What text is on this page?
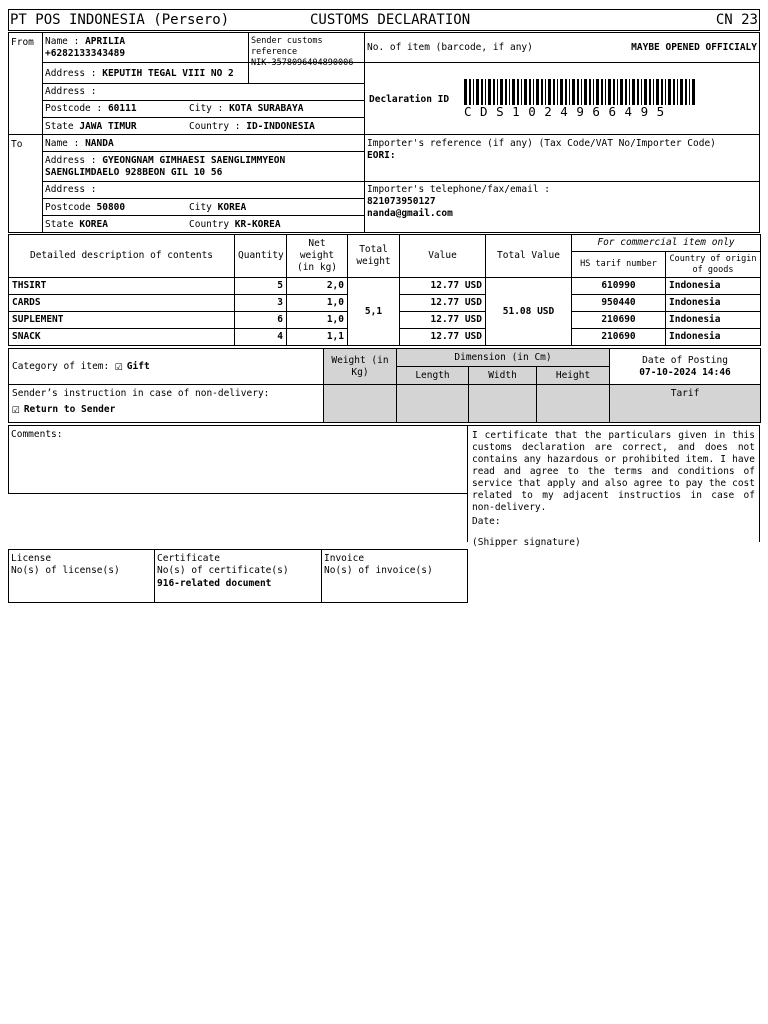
PT POS INDONESIA (Persero)	CUSTOMS DECLARATION	CN 23
From
To
Name : APRILIA
+6282133343489
Sender customs reference
NIK-3578096404890006
Address : KEPUTIH TEGAL VIII NO 2
Address :
Postcode : 60111	City : KOTA SURABAYA
State JAWA TIMUR	Country : ID-INDONESIA
No. of item (barcode, if any)	MAYBE OPENED OFFICIALY
Declaration ID
C D S 1 0 2 4 9 6 6 4 9 5
Name : NANDA
Address : GYEONGNAM GIMHAESI SAENGLIMMYEON SAENGLIMDAELO 928BEON GIL 10 56
Address :
Postcode 50800	City KOREA
State KOREA	Country KR-KOREA
Importer's reference (if any) (Tax Code/VAT No/Importer Code)
EORI:
Importer's telephone/fax/email :
821073950127
nanda@gmail.com
Detailed description of contents	Quantity	Net weight (in kg)	Total weight	Value	Total Value	For commercial item only	
						HS tarif number	Country of origin of goods
THSIRT	5	2,0	5,1	12.77 USD	51.08 USD	610990	Indonesia
CARDS	3	1,0		12.77 USD		950440	Indonesia
SUPLEMENT	6	1,0		12.77 USD		210690	Indonesia
SNACK	4	1,1		12.77 USD		210690	Indonesia
Category of item: ☑ Gift	Weight (in Kg)	Dimension (in Cm)			Date of Posting
07-10-2024 14:46
		Length	Width	Height	
Sender’s instruction in case of non-delivery:
☑ Return to Sender					Tarif
Comments:	I certificate that the particulars given in this customs declaration are correct, and does not contains any hazardous or prohibited item. I have read and agree to the terms and conditions of service that apply and also agree to pay the cost related to my adjacent instructios in case of non-delivery.
Date:
(Shipper signature)
License
No(s) of license(s)
Certificate
No(s) of certificate(s)
916-related document
Invoice
No(s) of invoice(s)
